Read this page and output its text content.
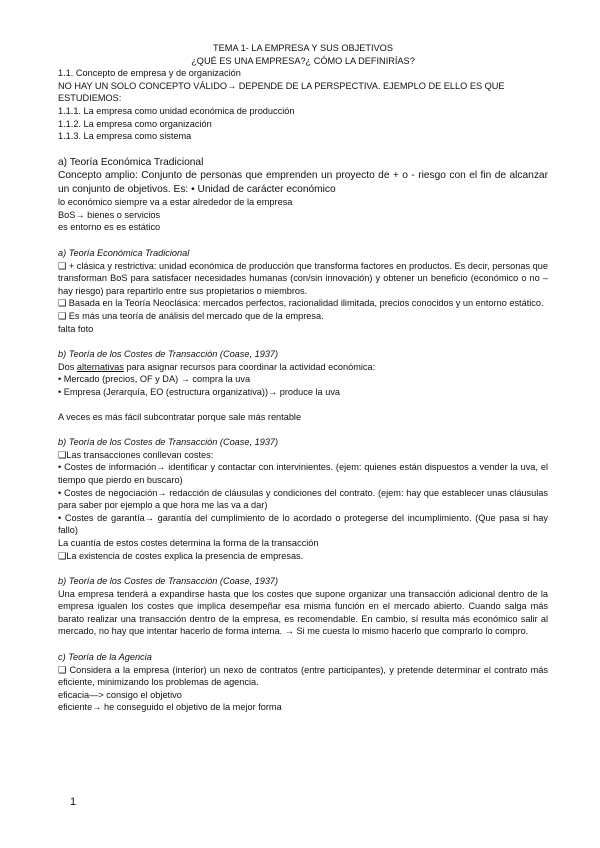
TEMA 1- LA EMPRESA Y SUS OBJETIVOS

¿QUÉ ES UNA EMPRESA?¿ CÓMO LA DEFINIRÍAS?

1.1. Concepto de empresa y de organización

NO HAY UN SOLO CONCEPTO VÁLIDO→ DEPENDE DE LA PERSPECTIVA. EJEMPLO DE ELLO ES QUE ESTUDIEMOS:

1.1.1. La empresa como unidad económica de producción

1.1.2. La empresa como organización

1.1.3. La empresa como sistema

a) Teoría Económica Tradicional

Concepto amplio: Conjunto de personas que emprenden un proyecto de + o - riesgo con el fin de alcanzar un conjunto de objetivos. Es: • Unidad de carácter económico

lo económico siempre va a estar alrededor de la empresa

BoS→ bienes o servicios

es entorno es es estático

a) Teoría Económica Tradicional

❑ + clásica y restrictiva: unidad económica de producción que transforma factores en productos. Es decir, personas que transforman BoS para satisfacer necesidades humanas (con/sin innovación) y obtener un beneficio (económico o no –hay riesgo) para repartirlo entre sus propietarios o miembros.

❑ Basada en la Teoría Neoclásica: mercados perfectos, racionalidad ilimitada, precios conocidos y un entorno estático.

❑ Es más una teoría de análisis del mercado que de la empresa.

falta foto

b) Teoría de los Costes de Transacción (Coase, 1937)

Dos alternativas para asignar recursos para coordinar la actividad económica:

• Mercado (precios, OF y DA) → compra la uva

• Empresa (Jerarquía, EO (estructura organizativa))→ produce la uva

A veces es más fácil subcontratar porque sale más rentable

b) Teoría de los Costes de Transacción (Coase, 1937)

❑Las transacciones conllevan costes:

• Costes de información→ identificar y contactar con intervinientes. (ejem: quienes están dispuestos a vender la uva, el tiempo que pierdo en buscaro)

• Costes de negociación→ redacción de cláusulas y condiciones del contrato. (ejem: hay que establecer unas cláusulas para saber por ejemplo a que hora me las va a dar)

• Costes de garantía→ garantía del cumplimiento de lo acordado o protegerse del incumplimiento. (Que pasa si hay fallo)

La cuantía de estos costes determina la forma de la transacción

❑La existencia de costes explica la presencia de empresas.

b) Teoría de los Costes de Transacción (Coase, 1937)

Una empresa tenderá a expandirse hasta que los costes que supone organizar una transacción adicional dentro de la empresa igualen los costes que implica desempeñar esa misma función en el mercado abierto. Cuando salga más barato realizar una transacción dentro de la empresa, es recomendable. En cambio, sí resulta más económico salir al mercado, no hay que intentar hacerlo de forma interna. → Si me cuesta lo mismo hacerlo que comprarlo lo compro.

c) Teoría de la Agencia

❑ Considera a la empresa (interior) un nexo de contratos (entre participantes), y pretende determinar el contrato más eficiente, minimizando los problemas de agencia.

eficacia—> consigo el objetivo

eficiente→ he conseguido el objetivo de la mejor forma

1
